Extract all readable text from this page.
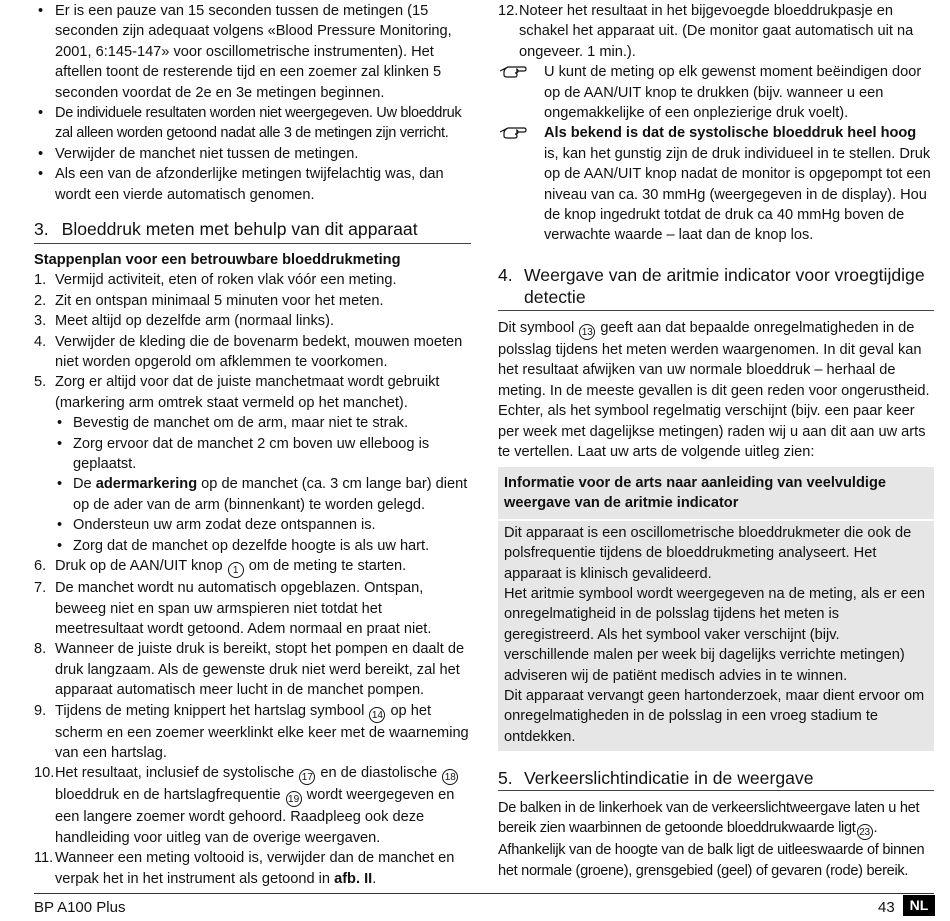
• Er is een pauze van 15 seconden tussen de metingen (15 seconden zijn adequaat volgens «Blood Pressure Monitoring, 2001, 6:145-147» voor oscillometrische instrumenten). Het aftellen toont de resterende tijd en een zoemer zal klinken 5 seconden voordat de 2e en 3e metingen beginnen.

• De individuele resultaten worden niet weergegeven. Uw bloeddruk zal alleen worden getoond nadat alle 3 de metingen zijn verricht.

• Verwijder de manchet niet tussen de metingen.

• Als een van de afzonderlijke metingen twijfelachtig was, dan wordt een vierde automatisch genomen.

3. Bloeddruk meten met behulp van dit apparaat

Stappenplan voor een betrouwbare bloeddrukmeting

1. Vermijd activiteit, eten of roken vlak vóór een meting.

2. Zit en ontspan minimaal 5 minuten voor het meten.

3. Meet altijd op dezelfde arm (normaal links).

4. Verwijder de kleding die de bovenarm bedekt, mouwen moeten niet worden opgerold om afklemmen te voorkomen.

5. Zorg er altijd voor dat de juiste manchetmaat wordt gebruikt (markering arm omtrek staat vermeld op het manchet).

• Bevestig de manchet om de arm, maar niet te strak.

• Zorg ervoor dat de manchet 2 cm boven uw elleboog is geplaatst.

• De adermarkering op de manchet (ca. 3 cm lange bar) dient op de ader van de arm (binnenkant) te worden gelegd.

• Ondersteun uw arm zodat deze ontspannen is.

• Zorg dat de manchet op dezelfde hoogte is als uw hart.

6. Druk op de AAN/UIT knop 1 om de meting te starten.

7. De manchet wordt nu automatisch opgeblazen. Ontspan, beweeg niet en span uw armspieren niet totdat het meetresultaat wordt getoond. Adem normaal en praat niet.

8. Wanneer de juiste druk is bereikt, stopt het pompen en daalt de druk langzaam. Als de gewenste druk niet werd bereikt, zal het apparaat automatisch meer lucht in de manchet pompen.

9. Tijdens de meting knippert het hartslag symbool 14 op het scherm en een zoemer weerklinkt elke keer met de waarneming van een hartslag.

10. Het resultaat, inclusief de systolische 17 en de diastolische 18 bloeddruk en de hartslagfrequentie 19 wordt weergegeven en een langere zoemer wordt gehoord. Raadpleeg ook deze handleiding voor uitleg van de overige weergaven.

11. Wanneer een meting voltooid is, verwijder dan de manchet en verpak het in het instrument als getoond in afb. II.

12. Noteer het resultaat in het bijgevoegde bloeddrukpasje en schakel het apparaat uit. (De monitor gaat automatisch uit na ongeveer. 1 min.).

U kunt de meting op elk gewenst moment beëindigen door op de AAN/UIT knop te drukken (bijv. wanneer u een ongemakkelijke of een onplezierige druk voelt).

Als bekend is dat de systolische bloeddruk heel hoog is, kan het gunstig zijn de druk individueel in te stellen. Druk op de AAN/UIT knop nadat de monitor is opgepompt tot een niveau van ca. 30 mmHg (weergegeven in de display). Hou de knop ingedrukt totdat de druk ca 40 mmHg boven de verwachte waarde – laat dan de knop los.

4. Weergave van de aritmie indicator voor vroegtijdige detectie

Dit symbool 13 geeft aan dat bepaalde onregelmatigheden in de polsslag tijdens het meten werden waargenomen. In dit geval kan het resultaat afwijken van uw normale bloeddruk – herhaal de meting. In de meeste gevallen is dit geen reden voor ongerustheid. Echter, als het symbool regelmatig verschijnt (bijv. een paar keer per week met dagelijkse metingen) raden wij u aan dit aan uw arts te vertellen. Laat uw arts de volgende uitleg zien:

Informatie voor de arts naar aanleiding van veelvuldige weergave van de aritmie indicator

Dit apparaat is een oscillometrische bloeddrukmeter die ook de polsfrequentie tijdens de bloeddrukmeting analyseert. Het apparaat is klinisch gevalideerd.

Het aritmie symbool wordt weergegeven na de meting, als er een onregelmatigheid in de polsslag tijdens het meten is geregistreerd. Als het symbool vaker verschijnt (bijv. verschillende malen per week bij dagelijks verrichte metingen) adviseren wij de patiënt medisch advies in te winnen.

Dit apparaat vervangt geen hartonderzoek, maar dient ervoor om onregelmatigheden in de polsslag in een vroeg stadium te ontdekken.

5. Verkeerslichtindicatie in de weergave

De balken in de linkerhoek van de verkeerslichtweergave laten u het bereik zien waarbinnen de getoonde bloeddrukwaarde ligt 23 . Afhankelijk van de hoogte van de balk ligt de uitleeswaarde of binnen het normale (groene), grensgebied (geel) of gevaren (rode) bereik.

BP A100 Plus	43	NL
